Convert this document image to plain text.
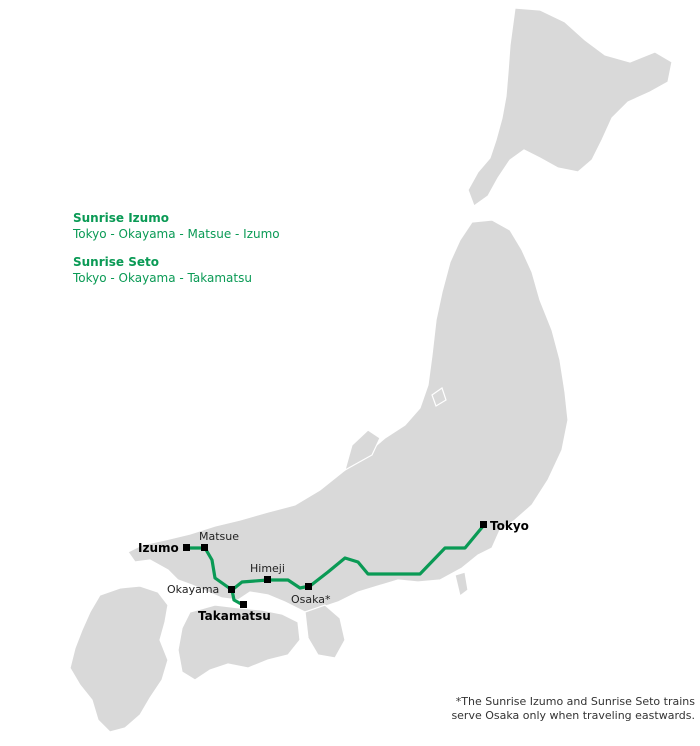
Tokyo
Izumo
Matsue
Himeji
Okayama
Osaka*
Takamatsu
Sunrise Izumo
Tokyo - Okayama - Matsue - Izumo
Sunrise Seto
Tokyo - Okayama - Takamatsu
*The Sunrise Izumo and Sunrise Seto trains
serve Osaka only when traveling eastwards.
